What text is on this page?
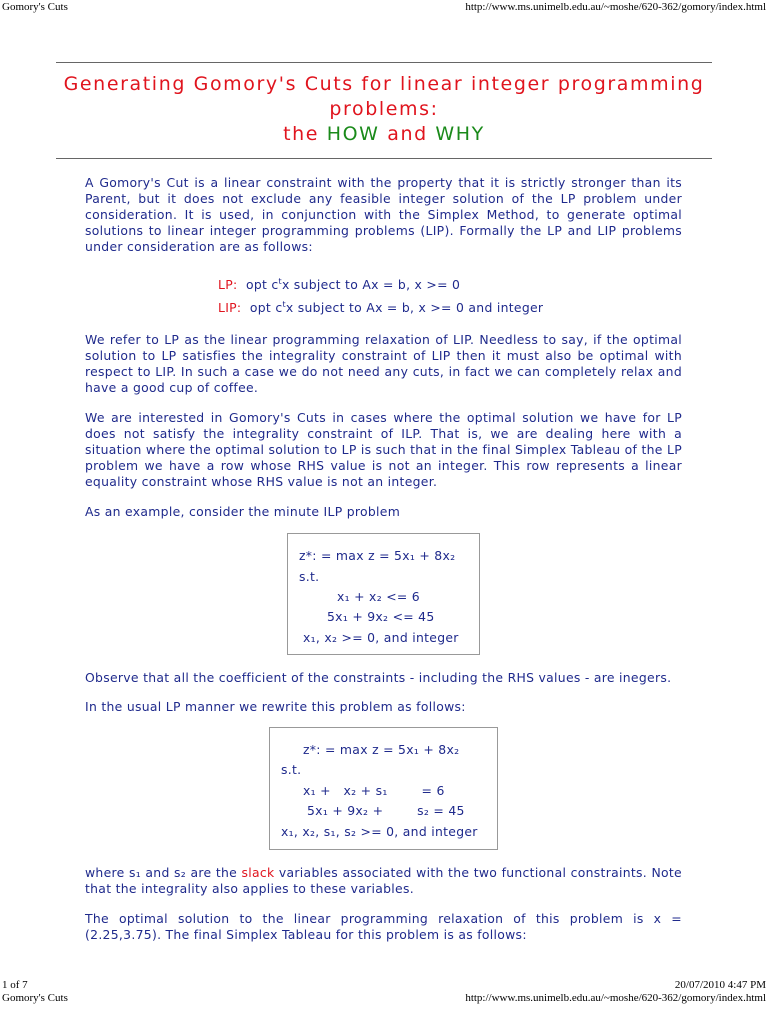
Gomory's Cuts	http://www.ms.unimelb.edu.au/~moshe/620-362/gomory/index.html
Generating Gomory's Cuts for linear integer programming
problems:
the HOW and WHY

A Gomory's Cut is a linear constraint with the property that it is strictly stronger than its Parent, but it does not exclude any feasible integer solution of the LP problem under consideration. It is used, in conjunction with the Simplex Method, to generate optimal solutions to linear integer programming problems (LIP). Formally the LP and LIP problems under consideration are as follows:

LP: opt $c^tx$ subject to Ax = b, x >= 0
LIP: opt $c^tx$ subject to Ax = b, x >= 0 and integer

We refer to LP as the linear programming relaxation of LIP. Needless to say, if the optimal solution to LP satisfies the integrality constraint of LIP then it must also be optimal with respect to LIP. In such a case we do not need any cuts, in fact we can completely relax and have a good cup of coffee.

We are interested in Gomory's Cuts in cases where the optimal solution we have for LP does not satisfy the integrality constraint of ILP. That is, we are dealing here with a situation where the optimal solution to LP is such that in the final Simplex Tableau of the LP problem we have a row whose RHS value is not an integer. This row represents a linear equality constraint whose RHS value is not an integer.

As an example, consider the minute ILP problem

z*: = max z = 5x₁ + 8x₂
s.t.
x₁ + x₂ <= 6
5x₁ + 9x₂ <= 45
x₁, x₂ >= 0, and integer

Observe that all the coefficient of the constraints - including the RHS values - are inegers.

In the usual LP manner we rewrite this problem as follows:

z*: = max z = 5x₁ + 8x₂
s.t.
x₁ +   x₂ + s₁        = 6
5x₁ + 9x₂ +        s₂ = 45
x₁, x₂, s₁, s₂ >= 0, and integer

where s₁ and s₂ are the slack variables associated with the two functional constraints. Note that the integrality also applies to these variables.

The optimal solution to the linear programming relaxation of this problem is x = (2.25,3.75). The final Simplex Tableau for this problem is as follows:

1 of 7	20/07/2010 4:47 PM
Gomory's Cuts	http://www.ms.unimelb.edu.au/~moshe/620-362/gomory/index.html
